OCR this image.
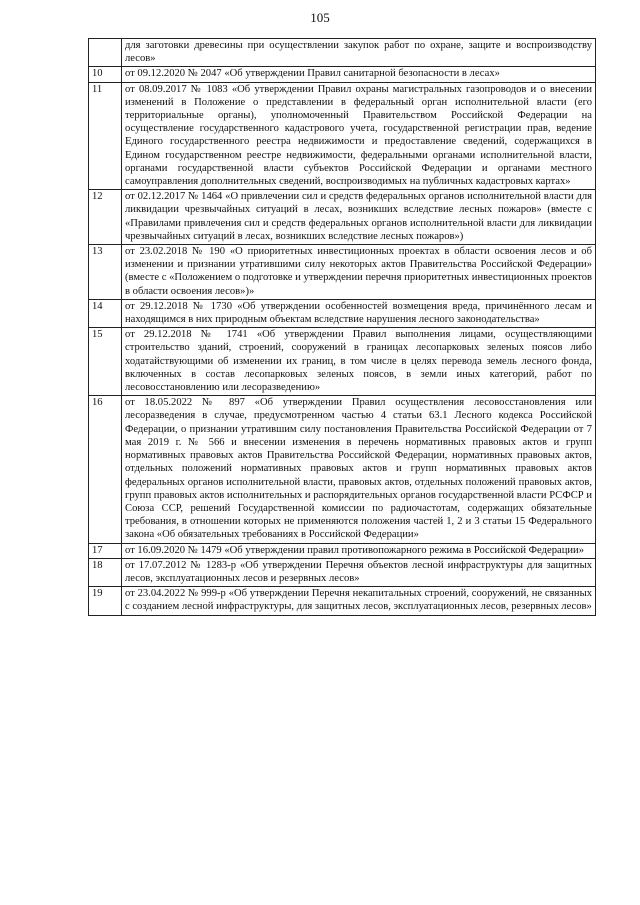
105
	для заготовки древесины при осуществлении закупок работ по охране, защите и воспроизводству лесов»
10	от 09.12.2020 № 2047 «Об утверждении Правил санитарной безопасности в лесах»
11	от 08.09.2017 № 1083 «Об утверждении Правил охраны магистральных газопроводов и о внесении изменений в Положение о представлении в федеральный орган исполнительной власти (его территориальные органы), уполномоченный Правительством Российской Федерации на осуществление государственного кадастрового учета, государственной регистрации прав, ведение Единого государственного реестра недвижимости и предоставление сведений, содержащихся в Едином государственном реестре недвижимости, федеральными органами исполнительной власти, органами государственной власти субъектов Российской Федерации и органами местного самоуправления дополнительных сведений, воспроизводимых на публичных кадастровых картах»
12	от 02.12.2017 № 1464 «О привлечении сил и средств федеральных органов исполнительной власти для ликвидации чрезвычайных ситуаций в лесах, возникших вследствие лесных пожаров» (вместе с «Правилами привлечения сил и средств федеральных органов исполнительной власти для ликвидации чрезвычайных ситуаций в лесах, возникших вследствие лесных пожаров»)
13	от 23.02.2018 № 190 «О приоритетных инвестиционных проектах в области освоения лесов и об изменении и признании утратившими силу некоторых актов Правительства Российской Федерации» (вместе с «Положением о подготовке и утверждении перечня приоритетных инвестиционных проектов в области освоения лесов»)»
14	от 29.12.2018 № 1730 «Об утверждении особенностей возмещения вреда, причинённого лесам и находящимся в них природным объектам вследствие нарушения лесного законодательства»
15	от 29.12.2018 № 1741 «Об утверждении Правил выполнения лицами, осуществляющими строительство зданий, строений, сооружений в границах лесопарковых зеленых поясов либо ходатайствующими об изменении их границ, в том числе в целях перевода земель лесного фонда, включенных в состав лесопарковых зеленых поясов, в земли иных категорий, работ по лесовосстановлению или лесоразведению»
16	от 18.05.2022 № 897 «Об утверждении Правил осуществления лесовосстановления или лесоразведения в случае, предусмотренном частью 4 статьи 63.1 Лесного кодекса Российской Федерации, о признании утратившим силу постановления Правительства Российской Федерации от 7 мая 2019 г. № 566 и внесении изменения в перечень нормативных правовых актов и групп нормативных правовых актов Правительства Российской Федерации, нормативных правовых актов, отдельных положений нормативных правовых актов и групп нормативных правовых актов федеральных органов исполнительной власти, правовых актов, отдельных положений правовых актов, групп правовых актов исполнительных и распорядительных органов государственной власти РСФСР и Союза ССР, решений Государственной комиссии по радиочастотам, содержащих обязательные требования, в отношении которых не применяются положения частей 1, 2 и 3 статьи 15 Федерального закона «Об обязательных требованиях в Российской Федерации»
17	от 16.09.2020 № 1479 «Об утверждении правил противопожарного режима в Российской Федерации»
18	от 17.07.2012 № 1283-р «Об утверждении Перечня объектов лесной инфраструктуры для защитных лесов, эксплуатационных лесов и резервных лесов»
19	от 23.04.2022 № 999-р «Об утверждении Перечня некапитальных строений, сооружений, не связанных с созданием лесной инфраструктуры, для защитных лесов, эксплуатационных лесов, резервных лесов»
